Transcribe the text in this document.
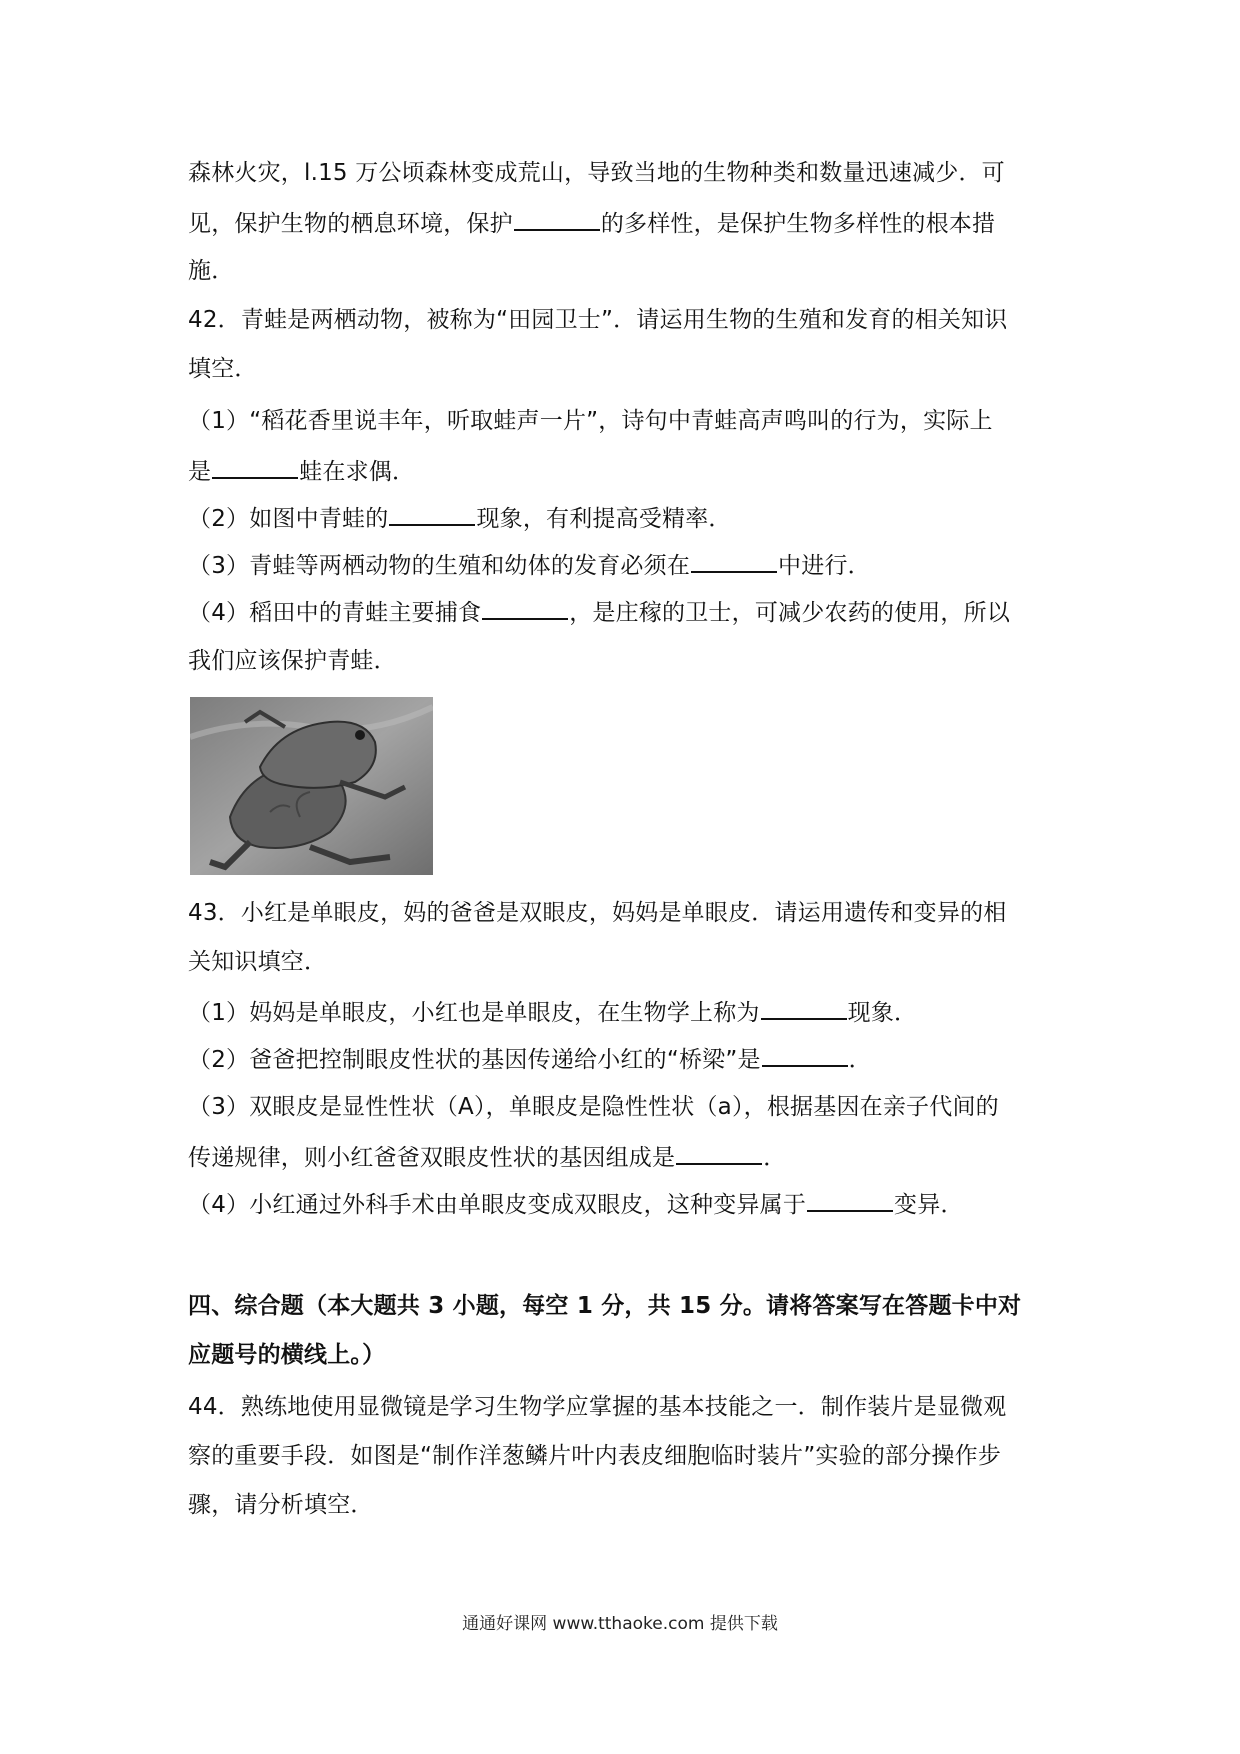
森林火灾，l.15 万公顷森林变成荒山，导致当地的生物种类和数量迅速减少．可
见，保护生物的栖息环境，保护	的多样性，是保护生物多样性的根本措
施．
42．青蛙是两栖动物，被称为“田园卫士”．请运用生物的生殖和发育的相关知识
填空．
（1）“稻花香里说丰年，听取蛙声一片”，诗句中青蛙高声鸣叫的行为，实际上
是	蛙在求偶．
（2）如图中青蛙的	现象，有利提高受精率．
（3）青蛙等两栖动物的生殖和幼体的发育必须在	中进行．
（4）稻田中的青蛙主要捕食	，是庄稼的卫士，可减少农药的使用，所以
我们应该保护青蛙．
43．小红是单眼皮，妈的爸爸是双眼皮，妈妈是单眼皮．请运用遗传和变异的相
关知识填空．
（1）妈妈是单眼皮，小红也是单眼皮，在生物学上称为	现象．
（2）爸爸把控制眼皮性状的基因传递给小红的“桥梁”是	．
（3）双眼皮是显性性状（A），单眼皮是隐性性状（a），根据基因在亲子代间的
传递规律，则小红爸爸双眼皮性状的基因组成是	．
（4）小红通过外科手术由单眼皮变成双眼皮，这种变异属于	变异．
四、综合题（本大题共 3 小题，每空 1 分，共 15 分。请将答案写在答题卡中对
应题号的横线上。）
44．熟练地使用显微镜是学习生物学应掌握的基本技能之一．制作装片是显微观
察的重要手段．如图是“制作洋葱鳞片叶内表皮细胞临时装片”实验的部分操作步
骤，请分析填空．
通通好课网 www.tthaoke.com 提供下载
